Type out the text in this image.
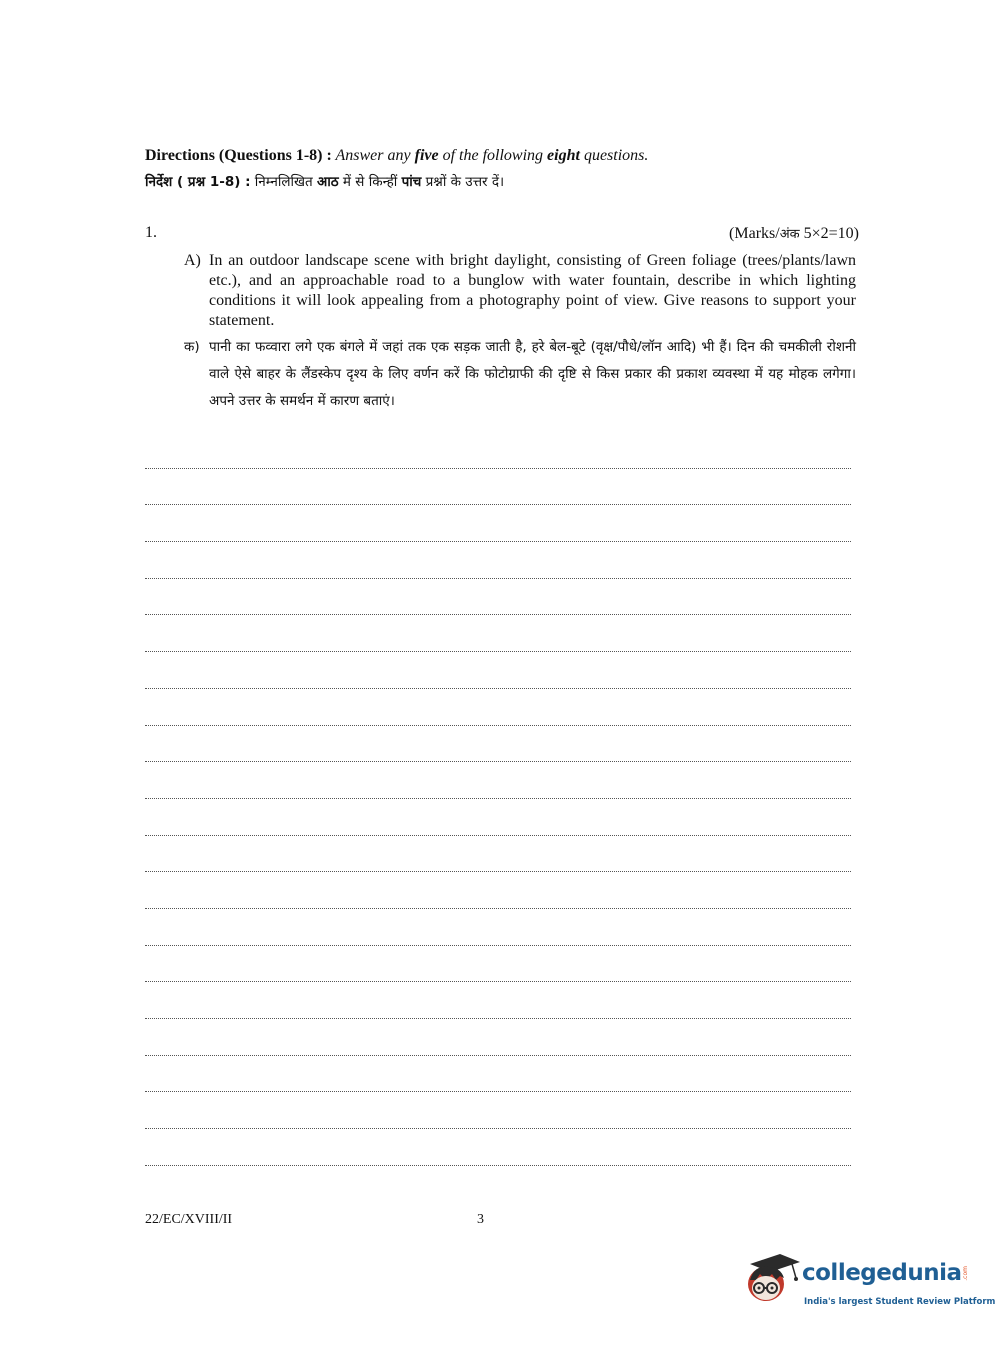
Directions (Questions 1-8) : Answer any five of the following eight questions.
निर्देश ( प्रश्न 1-8) : निम्नलिखित आठ में से किन्हीं पांच प्रश्नों के उत्तर दें।
1.	(Marks/अंक 5×2=10)
A) In an outdoor landscape scene with bright daylight, consisting of Green foliage (trees/plants/lawn etc.), and an approachable road to a bunglow with water fountain, describe in which lighting conditions it will look appealing from a photography point of view. Give reasons to support your statement.
क) पानी का फव्वारा लगे एक बंगले में जहां तक एक सड़क जाती है, हरे बेल-बूटे (वृक्ष/पौधे/लॉन आदि) भी हैं। दिन की चमकीली रोशनी वाले ऐसे बाहर के लैंडस्केप दृश्य के लिए वर्णन करें कि फोटोग्राफी की दृष्टि से किस प्रकार की प्रकाश व्यवस्था में यह मोहक लगेगा। अपने उत्तर के समर्थन में कारण बताएं।
22/EC/XVIII/II	3
collegedunia .com
India's largest Student Review Platform
